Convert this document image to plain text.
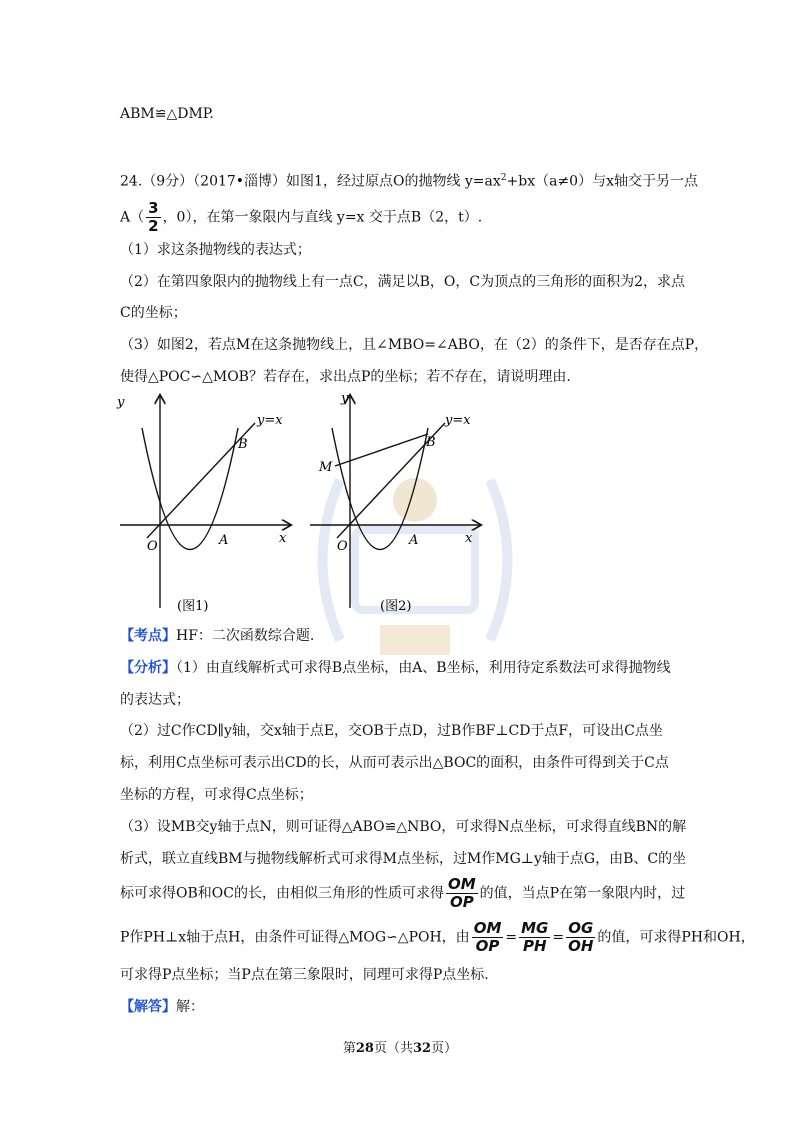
ABM≌△DMP.
24.（9分）（2017•淄博）如图1，经过原点O的抛物线 $y=ax^2+bx(a\ne 0)$与x轴交于另一点
$A( \frac{3}{2}$ ，0），在第一象限内与直线 y=x 交于点B（2，t）.
（1）求这条抛物线的表达式；
（2）在第四象限内的抛物线上有一点C，满足以B，O，C为顶点的三角形的面积为2，求点
C的坐标；
（3）如图2，若点M在这条抛物线上，且∠MBO=∠ABO，在（2）的条件下，是否存在点P，
使得△POC∽△MOB？若存在，求出点P的坐标；若不存在，请说明理由.
y
x
O	A
B
y=x
(图1)
y
x
O	A
B
M
y=x
(图2)
【考点】HF：二次函数综合题.
【分析】（1）由直线解析式可求得B点坐标，由A、B坐标，利用待定系数法可求得抛物线
的表达式；
（2）过C作CD∥y轴，交x轴于点E，交OB于点D，过B作BF⊥CD于点F，可设出C点坐
标，利用C点坐标可表示出CD的长，从而可表示出△BOC的面积，由条件可得到关于C点
坐标的方程，可求得C点坐标；
（3）设MB交y轴于点N，则可证得△ABO≌△NBO，可求得N点坐标，可求得直线BN的解
析式，联立直线BM与抛物线解析式可求得M点坐标，过M作MG⊥y轴于点G，由B、C的坐
标可求得OB和OC的长，由相似三角形的性质可求得 $\frac{OM}{OP}$ 的值，当点P在第一象限内时，过
P作PH⊥x轴于点H，由条件可证得△MOG∽△POH，由 $\frac{OM}{OP} = \frac{MG}{PH} = \frac{OG}{OH}$ 的值，可求得PH和OH，
可求得P点坐标；当P点在第三象限时，同理可求得P点坐标.
【解答】解：
第28页（共32页）
